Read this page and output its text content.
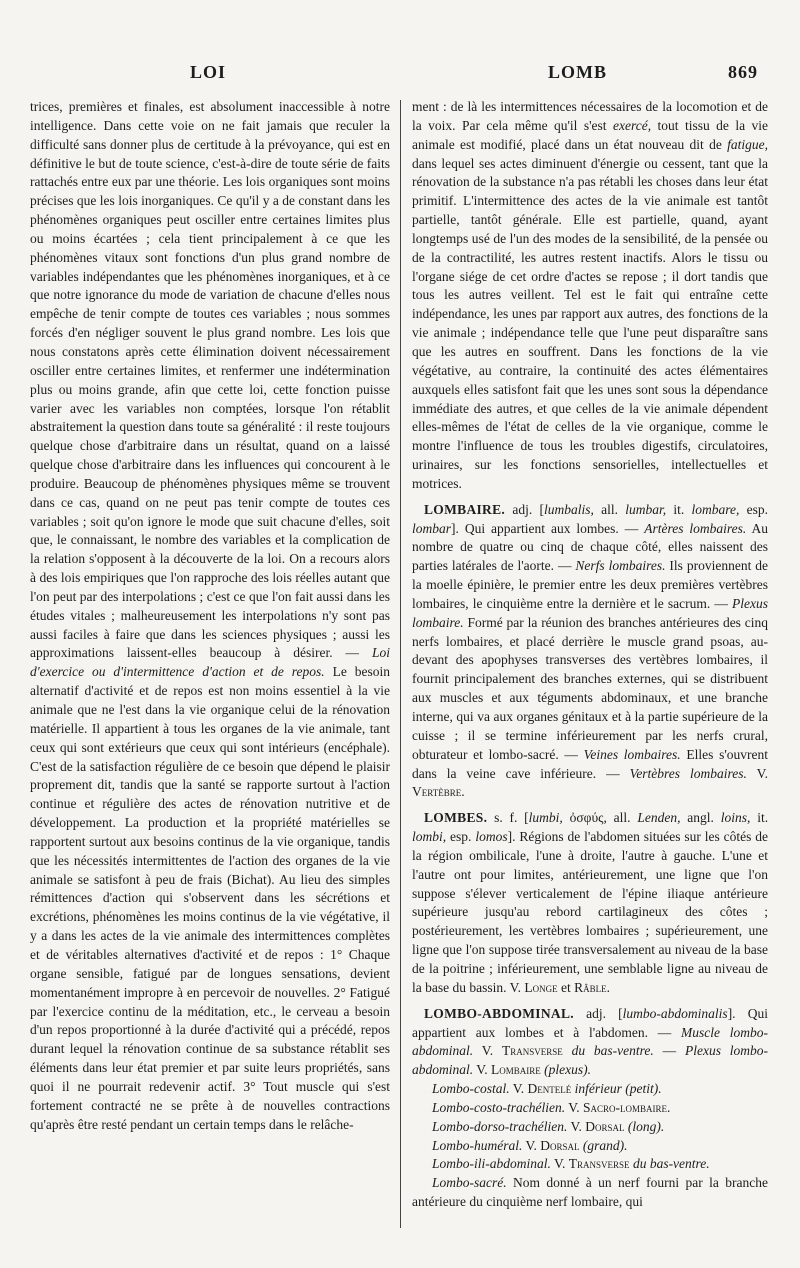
LOI	LOMB	869

trices, premières et finales, est absolument inaccessible à notre intelligence. Dans cette voie on ne fait jamais que reculer la difficulté sans donner plus de certitude à la prévoyance, qui est en définitive le but de toute science, c'est-à-dire de toute série de faits rattachés entre eux par une théorie. Les lois organiques sont moins précises que les lois inorganiques. Ce qu'il y a de constant dans les phénomènes organiques peut osciller entre certaines limites plus ou moins écartées ; cela tient principalement à ce que les phénomènes vitaux sont fonctions d'un plus grand nombre de variables indépendantes que les phénomènes inorganiques, et à ce que notre ignorance du mode de variation de chacune d'elles nous empêche de tenir compte de toutes ces variables ; nous sommes forcés d'en négliger souvent le plus grand nombre. Les lois que nous constatons après cette élimination doivent nécessairement osciller entre certaines limites, et renfermer une indétermination plus ou moins grande, afin que cette loi, cette fonction puisse varier avec les variables non comptées, lorsque l'on rétablit abstraitement la question dans toute sa généralité : il reste toujours quelque chose d'arbitraire dans un résultat, quand on a laissé quelque chose d'arbitraire dans les influences qui concourent à le produire. Beaucoup de phénomènes physiques même se trouvent dans ce cas, quand on ne peut pas tenir compte de toutes ces variables ; soit qu'on ignore le mode que suit chacune d'elles, soit que, le connaissant, le nombre des variables et la complication de la relation s'opposent à la découverte de la loi. On a recours alors à des lois empiriques que l'on rapproche des lois réelles autant que l'on peut par des interpolations ; c'est ce que l'on fait aussi dans les études vitales ; malheureusement les interpolations n'y sont pas aussi faciles à faire que dans les sciences physiques ; aussi les approximations laissent-elles beaucoup à désirer. — Loi d'exercice ou d'intermittence d'action et de repos. Le besoin alternatif d'activité et de repos est non moins essentiel à la vie animale que ne l'est dans la vie organique celui de la rénovation matérielle. Il appartient à tous les organes de la vie animale, tant ceux qui sont extérieurs que ceux qui sont intérieurs (encéphale). C'est de la satisfaction régulière de ce besoin que dépend le plaisir proprement dit, tandis que la santé se rapporte surtout à l'action continue et régulière des actes de rénovation nutritive et de développement. La production et la propriété matérielles se rapportent surtout aux besoins continus de la vie organique, tandis que les nécessités intermittentes de l'action des organes de la vie animale se satisfont à peu de frais (Bichat). Au lieu des simples rémittences d'action qui s'observent dans les sécrétions et excrétions, phénomènes les moins continus de la vie végétative, il y a dans les actes de la vie animale des intermittences complètes et de véritables alternatives d'activité et de repos : 1° Chaque organe sensible, fatigué par de longues sensations, devient momentanément impropre à en percevoir de nouvelles. 2° Fatigué par l'exercice continu de la méditation, etc., le cerveau a besoin d'un repos proportionné à la durée d'activité qui a précédé, repos durant lequel la rénovation continue de sa substance rétablit ses éléments dans leur état premier et par suite leurs propriétés, sans quoi il ne pourrait redevenir actif. 3° Tout muscle qui s'est fortement contracté ne se prête à de nouvelles contractions qu'après être resté pendant un certain temps dans le relâche-

ment : de là les intermittences nécessaires de la locomotion et de la voix. Par cela même qu'il s'est exercé, tout tissu de la vie animale est modifié, placé dans un état nouveau dit de fatigue, dans lequel ses actes diminuent d'énergie ou cessent, tant que la rénovation de la substance n'a pas rétabli les choses dans leur état primitif. L'intermittence des actes de la vie animale est tantôt partielle, tantôt générale. Elle est partielle, quand, ayant longtemps usé de l'un des modes de la sensibilité, de la pensée ou de la contractilité, les autres restent inactifs. Alors le tissu ou l'organe siége de cet ordre d'actes se repose ; il dort tandis que tous les autres veillent. Tel est le fait qui entraîne cette indépendance, les unes par rapport aux autres, des fonctions de la vie animale ; indépendance telle que l'une peut disparaître sans que les autres en souffrent. Dans les fonctions de la vie végétative, au contraire, la continuité des actes élémentaires auxquels elles satisfont fait que les unes sont sous la dépendance immédiate des autres, et que celles de la vie animale dépendent elles-mêmes de l'état de celles de la vie organique, comme le montre l'influence de tous les troubles digestifs, circulatoires, urinaires, sur les fonctions sensorielles, intellectuelles et motrices.

LOMBAIRE. adj. [lumbalis, all. lumbar, it. lombare, esp. lombar]. Qui appartient aux lombes. — Artères lombaires. Au nombre de quatre ou cinq de chaque côté, elles naissent des parties latérales de l'aorte. — Nerfs lombaires. Ils proviennent de la moelle épinière, le premier entre les deux premières vertèbres lombaires, le cinquième entre la dernière et le sacrum. — Plexus lombaire. Formé par la réunion des branches antérieures des cinq nerfs lombaires, et placé derrière le muscle grand psoas, au-devant des apophyses transverses des vertèbres lombaires, il fournit principalement des branches externes, qui se distribuent aux muscles et aux téguments abdominaux, et une branche interne, qui va aux organes génitaux et à la partie supérieure de la cuisse ; il se termine inférieurement par les nerfs crural, obturateur et lombo-sacré. — Veines lombaires. Elles s'ouvrent dans la veine cave inférieure. — Vertèbres lombaires. V. Vertèbre.

LOMBES. s. f. [lumbi, ὀσφύς, all. Lenden, angl. loins, it. lombi, esp. lomos]. Régions de l'abdomen situées sur les côtés de la région ombilicale, l'une à droite, l'autre à gauche. L'une et l'autre ont pour limites, antérieurement, une ligne que l'on suppose s'élever verticalement de l'épine iliaque antérieure supérieure jusqu'au rebord cartilagineux des côtes ; postérieurement, les vertèbres lombaires ; supérieurement, une ligne que l'on suppose tirée transversalement au niveau de la base de la poitrine ; inférieurement, une semblable ligne au niveau de la base du bassin. V. Longe et Râble.

LOMBO-ABDOMINAL. adj. [lumbo-abdominalis]. Qui appartient aux lombes et à l'abdomen. — Muscle lombo-abdominal. V. Transverse du bas-ventre. — Plexus lombo-abdominal. V. Lombaire (plexus).

Lombo-costal. V. Dentelé inférieur (petit).

Lombo-costo-trachélien. V. Sacro-lombaire.

Lombo-dorso-trachélien. V. Dorsal (long).

Lombo-huméral. V. Dorsal (grand).

Lombo-ili-abdominal. V. Transverse du bas-ventre.

Lombo-sacré. Nom donné à un nerf fourni par la branche antérieure du cinquième nerf lombaire, qui
